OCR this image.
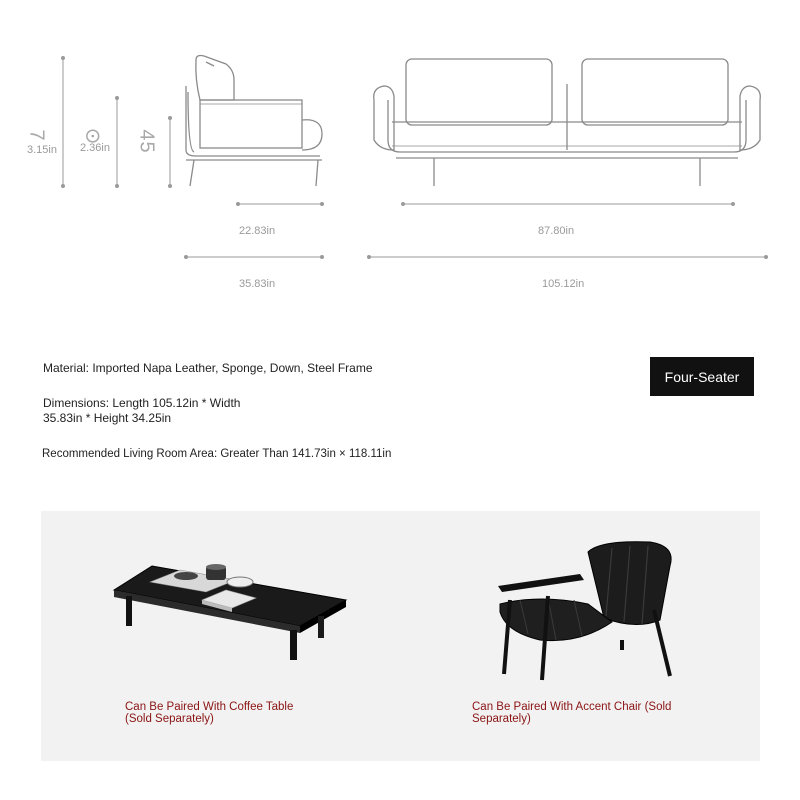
7
3.15in
⊙
2.36in 45
22.83in	87.80in
35.83in	105.12in
Material: Imported Napa Leather, Sponge, Down, Steel Frame
Dimensions: Length 105.12in * Width
35.83in * Height 34.25in
Recommended Living Room Area: Greater Than 141.73in × 118.11in
Four-Seater
Can Be Paired With Coffee Table
(Sold Separately)
Can Be Paired With Accent Chair (Sold
Separately)
